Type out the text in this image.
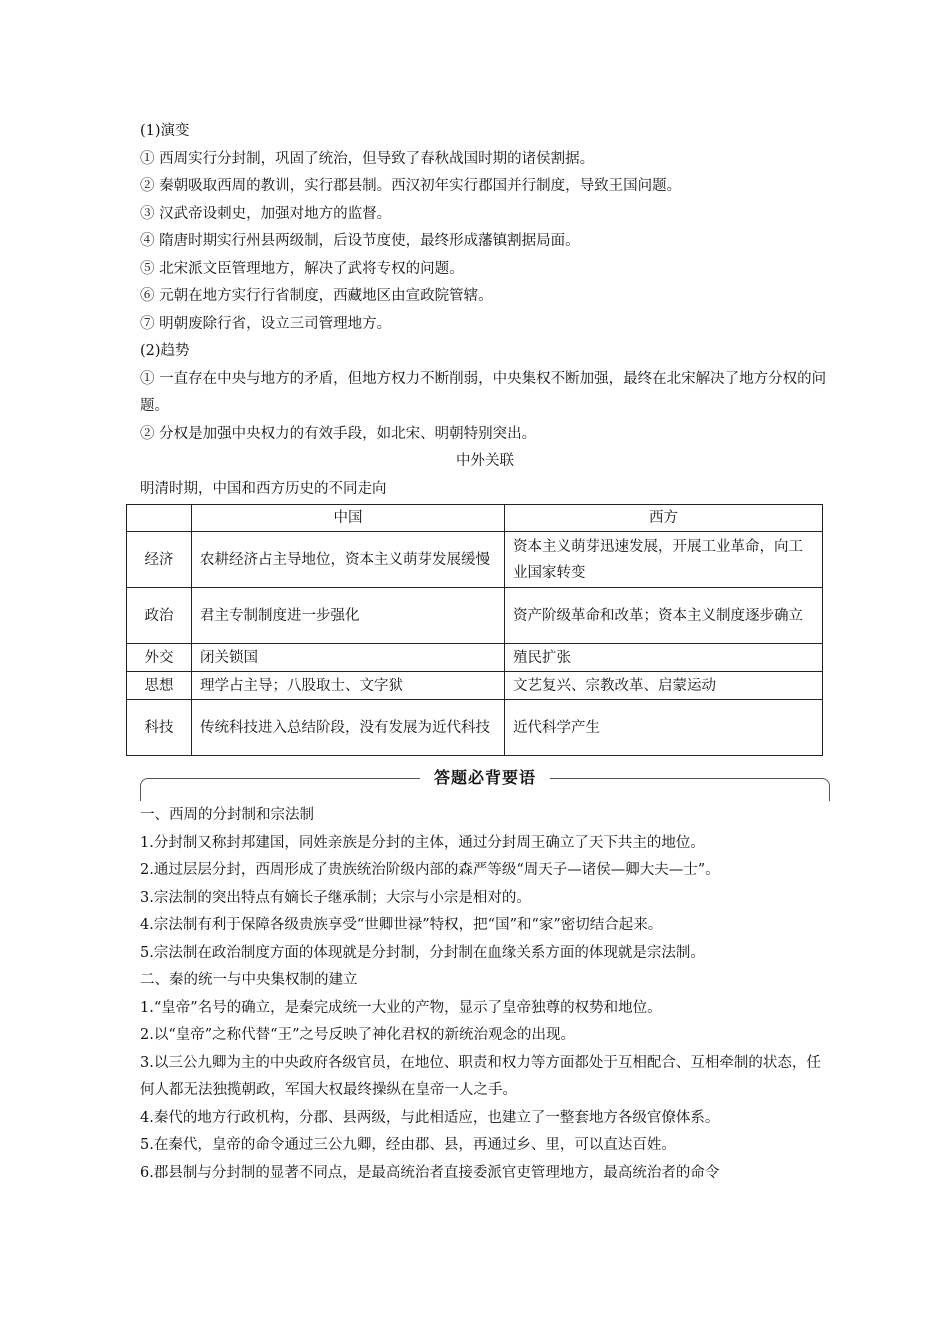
(1)演变
① 西周实行分封制，巩固了统治，但导致了春秋战国时期的诸侯割据。
② 秦朝吸取西周的教训，实行郡县制。西汉初年实行郡国并行制度，导致王国问题。
③ 汉武帝设刺史，加强对地方的监督。
④ 隋唐时期实行州县两级制，后设节度使，最终形成藩镇割据局面。
⑤ 北宋派文臣管理地方，解决了武将专权的问题。
⑥ 元朝在地方实行行省制度，西藏地区由宣政院管辖。
⑦ 明朝废除行省，设立三司管理地方。
(2)趋势
① 一直存在中央与地方的矛盾，但地方权力不断削弱，中央集权不断加强，最终在北宋解决了地方分权的问题。
② 分权是加强中央权力的有效手段，如北宋、明朝特别突出。
中外关联
明清时期，中国和西方历史的不同走向
	中国	西方
经济	农耕经济占主导地位，资本主义萌芽发展缓慢	资本主义萌芽迅速发展，开展工业革命，向工业国家转变
政治	君主专制制度进一步强化	资产阶级革命和改革；资本主义制度逐步确立
外交	闭关锁国	殖民扩张
思想	理学占主导；八股取士、文字狱	文艺复兴、宗教改革、启蒙运动
科技	传统科技进入总结阶段，没有发展为近代科技	近代科学产生
答题必背要语
一、西周的分封制和宗法制
1.分封制又称封邦建国，同姓亲族是分封的主体，通过分封周王确立了天下共主的地位。
2.通过层层分封，西周形成了贵族统治阶级内部的森严等级“周天子—诸侯—卿大夫—士”。
3.宗法制的突出特点有嫡长子继承制；大宗与小宗是相对的。
4.宗法制有利于保障各级贵族享受“世卿世禄”特权，把“国”和“家”密切结合起来。
5.宗法制在政治制度方面的体现就是分封制，分封制在血缘关系方面的体现就是宗法制。
二、秦的统一与中央集权制的建立
1.“皇帝”名号的确立，是秦完成统一大业的产物，显示了皇帝独尊的权势和地位。
2.以“皇帝”之称代替“王”之号反映了神化君权的新统治观念的出现。
3.以三公九卿为主的中央政府各级官员，在地位、职责和权力等方面都处于互相配合、互相牵制的状态，任何人都无法独揽朝政，军国大权最终操纵在皇帝一人之手。
4.秦代的地方行政机构，分郡、县两级，与此相适应，也建立了一整套地方各级官僚体系。
5.在秦代，皇帝的命令通过三公九卿，经由郡、县，再通过乡、里，可以直达百姓。
6.郡县制与分封制的显著不同点，是最高统治者直接委派官吏管理地方，最高统治者的命令
